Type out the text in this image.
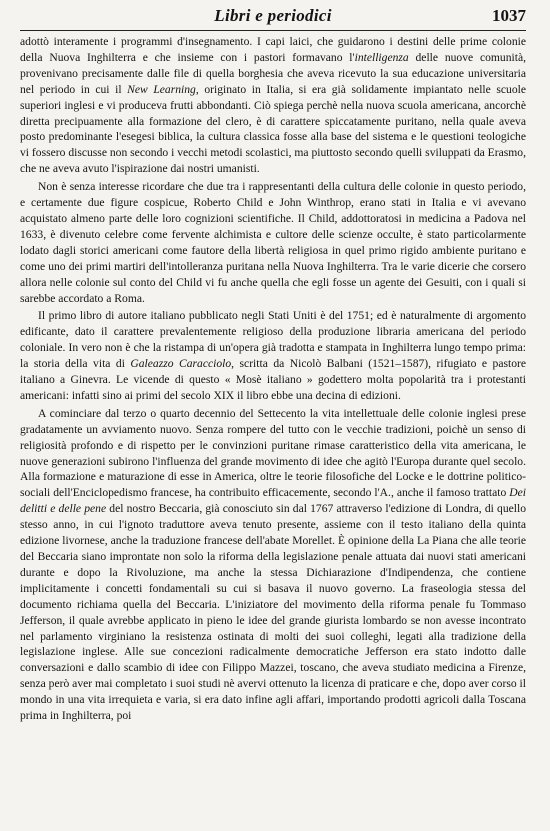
Libri e periodici	1037

adottò interamente i programmi d'insegnamento. I capi laici, che guidarono i destini delle prime colonie della Nuova Inghilterra e che insieme con i pastori formavano l'intelligenza delle nuove comunità, provenivano precisamente dalle file di quella borghesia che aveva ricevuto la sua educazione universitaria nel periodo in cui il New Learning, originato in Italia, si era già solidamente impiantato nelle scuole superiori inglesi e vi produceva frutti abbondanti. Ciò spiega perchè nella nuova scuola americana, ancorchè diretta precipuamente alla formazione del clero, è di carattere spiccatamente puritano, nella quale aveva posto predominante l'esegesi biblica, la cultura classica fosse alla base del sistema e le questioni teologiche vi fossero discusse non secondo i vecchi metodi scolastici, ma piuttosto secondo quelli sviluppati da Erasmo, che ne aveva avuto l'ispirazione dai nostri umanisti.

Non è senza interesse ricordare che due tra i rappresentanti della cultura delle colonie in questo periodo, e certamente due figure cospicue, Roberto Child e John Winthrop, erano stati in Italia e vi avevano acquistato almeno parte delle loro cognizioni scientifiche. Il Child, addottoratosi in medicina a Padova nel 1633, è divenuto celebre come fervente alchimista e cultore delle scienze occulte, è stato particolarmente lodato dagli storici americani come fautore della libertà religiosa in quel primo rigido ambiente puritano e come uno dei primi martiri dell'intolleranza puritana nella Nuova Inghilterra. Tra le varie dicerie che corsero allora nelle colonie sul conto del Child vi fu anche quella che egli fosse un agente dei Gesuiti, con i quali si sarebbe accordato a Roma.

Il primo libro di autore italiano pubblicato negli Stati Uniti è del 1751; ed è naturalmente di argomento edificante, dato il carattere prevalentemente religioso della produzione libraria americana del periodo coloniale. In vero non è che la ristampa di un'opera già tradotta e stampata in Inghilterra lungo tempo prima: la storia della vita di Galeazzo Caracciolo, scritta da Nicolò Balbani (1521–1587), rifugiato e pastore italiano a Ginevra. Le vicende di questo « Mosè italiano » godettero molta popolarità tra i protestanti americani: infatti sino ai primi del secolo XIX il libro ebbe una decina di edizioni.

A cominciare dal terzo o quarto decennio del Settecento la vita intellettuale delle colonie inglesi prese gradatamente un avviamento nuovo. Senza rompere del tutto con le vecchie tradizioni, poichè un senso di religiosità profondo e di rispetto per le convinzioni puritane rimase caratteristico della vita americana, le nuove generazioni subirono l'influenza del grande movimento di idee che agitò l'Europa durante quel secolo. Alla formazione e maturazione di esse in America, oltre le teorie filosofiche del Locke e le dottrine politico-sociali dell'Enciclopedismo francese, ha contribuito efficacemente, secondo l'A., anche il famoso trattato Dei delitti e delle pene del nostro Beccaria, già conosciuto sin dal 1767 attraverso l'edizione di Londra, di quello stesso anno, in cui l'ignoto traduttore aveva tenuto presente, assieme con il testo italiano della quinta edizione livornese, anche la traduzione francese dell'abate Morellet. È opinione della La Piana che alle teorie del Beccaria siano improntate non solo la riforma della legislazione penale attuata dai nuovi stati americani durante e dopo la Rivoluzione, ma anche la stessa Dichiarazione d'Indipendenza, che contiene implicitamente i concetti fondamentali su cui si basava il nuovo governo. La fraseologia stessa del documento richiama quella del Beccaria. L'iniziatore del movimento della riforma penale fu Tommaso Jefferson, il quale avrebbe applicato in pieno le idee del grande giurista lombardo se non avesse incontrato nel parlamento virginiano la resistenza ostinata di molti dei suoi colleghi, legati alla tradizione della legislazione inglese. Alle sue concezioni radicalmente democratiche Jefferson era stato indotto dalle conversazioni e dallo scambio di idee con Filippo Mazzei, toscano, che aveva studiato medicina a Firenze, senza però aver mai completato i suoi studi nè avervi ottenuto la licenza di praticare e che, dopo aver corso il mondo in una vita irrequieta e varia, si era dato infine agli affari, importando prodotti agricoli dalla Toscana prima in Inghilterra, poi
